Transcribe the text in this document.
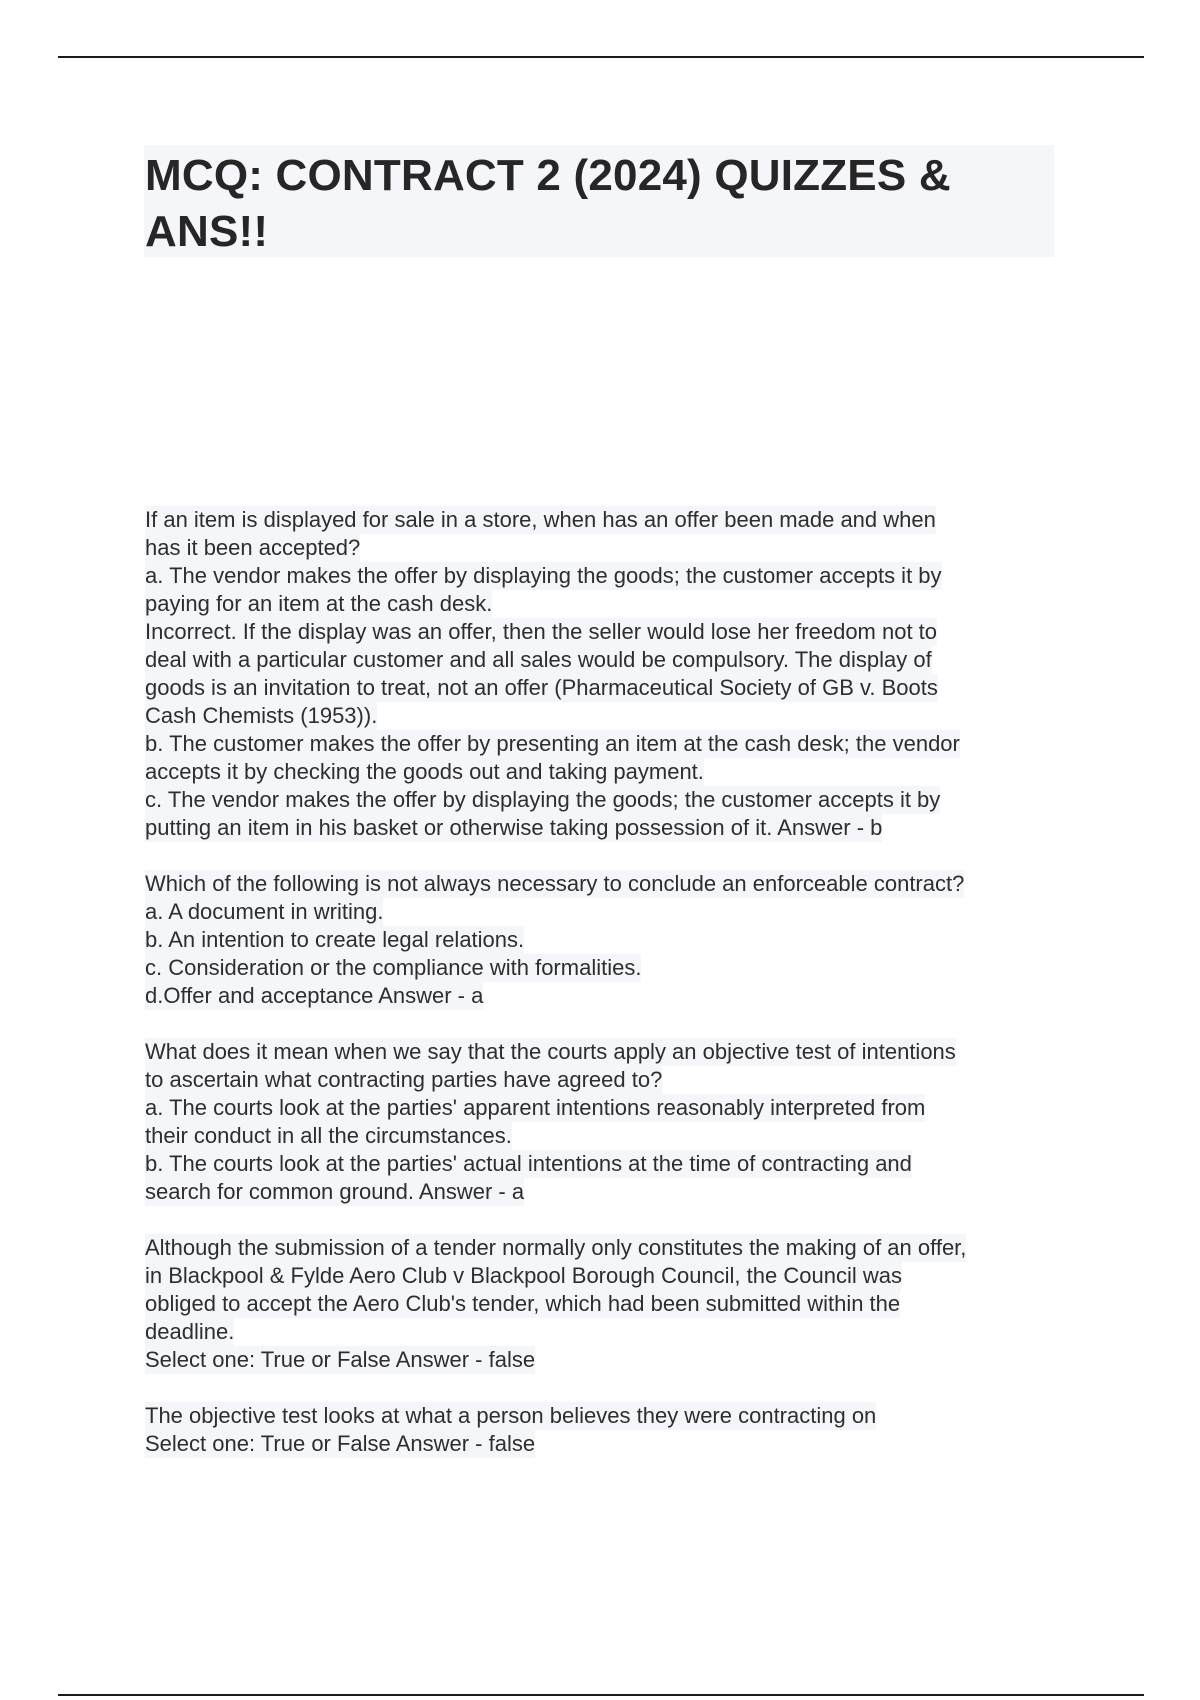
MCQ: CONTRACT 2 (2024) QUIZZES & ANS!!
If an item is displayed for sale in a store, when has an offer been made and when
has it been accepted?
a. The vendor makes the offer by displaying the goods; the customer accepts it by
paying for an item at the cash desk.
Incorrect. If the display was an offer, then the seller would lose her freedom not to
deal with a particular customer and all sales would be compulsory. The display of
goods is an invitation to treat, not an offer (Pharmaceutical Society of GB v. Boots
Cash Chemists (1953)).
b. The customer makes the offer by presenting an item at the cash desk; the vendor
accepts it by checking the goods out and taking payment.
c. The vendor makes the offer by displaying the goods; the customer accepts it by
putting an item in his basket or otherwise taking possession of it. Answer - b
Which of the following is not always necessary to conclude an enforceable contract?
a. A document in writing.
b. An intention to create legal relations.
c. Consideration or the compliance with formalities.
d.Offer and acceptance Answer - a
What does it mean when we say that the courts apply an objective test of intentions
to ascertain what contracting parties have agreed to?
a. The courts look at the parties' apparent intentions reasonably interpreted from
their conduct in all the circumstances.
b. The courts look at the parties' actual intentions at the time of contracting and
search for common ground. Answer - a
Although the submission of a tender normally only constitutes the making of an offer,
in Blackpool & Fylde Aero Club v Blackpool Borough Council, the Council was
obliged to accept the Aero Club's tender, which had been submitted within the
deadline.
Select one: True or False Answer - false
The objective test looks at what a person believes they were contracting on
Select one: True or False Answer - false
